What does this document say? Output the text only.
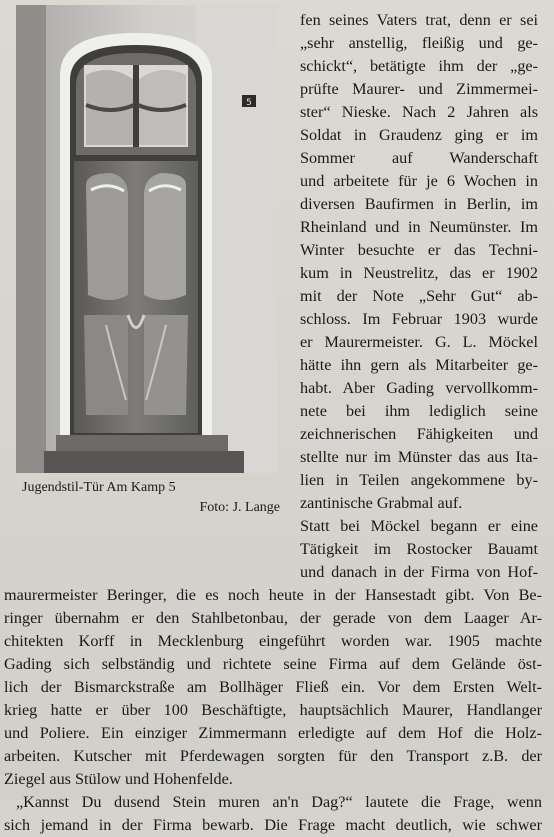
5
Jugendstil-Tür Am Kamp 5
Foto: J. Lange
fen seines Vaters trat, denn er sei
„sehr anstellig, fleißig und ge-
schickt“, betätigte ihm der „ge-
prüfte Maurer- und Zimmermei-
ster“ Nieske. Nach 2 Jahren als
Soldat in Graudenz ging er im
Sommer auf Wanderschaft
und arbeitete für je 6 Wochen in
diversen Baufirmen in Berlin, im
Rheinland und in Neumünster. Im
Winter besuchte er das Techni-
kum in Neustrelitz, das er 1902
mit der Note „Sehr Gut“ ab-
schloss. Im Februar 1903 wurde
er Maurermeister. G. L. Möckel
hätte ihn gern als Mitarbeiter ge-
habt. Aber Gading vervollkomm-
nete bei ihm lediglich seine
zeichnerischen Fähigkeiten und
stellte nur im Münster das aus Ita-
lien in Teilen angekommene by-
zantinische Grabmal auf.
Statt bei Möckel begann er eine
Tätigkeit im Rostocker Bauamt
und danach in der Firma von Hof-
maurermeister Beringer, die es noch heute in der Hansestadt gibt. Von Be-
ringer übernahm er den Stahlbetonbau, der gerade von dem Laager Ar-
chitekten Korff in Mecklenburg eingeführt worden war. 1905 machte
Gading sich selbständig und richtete seine Firma auf dem Gelände öst-
lich der Bismarckstraße am Bollhäger Fließ ein. Vor dem Ersten Welt-
krieg hatte er über 100 Beschäftigte, hauptsächlich Maurer, Handlanger
und Poliere. Ein einziger Zimmermann erledigte auf dem Hof die Holz-
arbeiten. Kutscher mit Pferdewagen sorgten für den Transport z.B. der
Ziegel aus Stülow und Hohenfelde.
„Kannst Du dusend Stein muren an'n Dag?“ lautete die Frage, wenn
sich jemand in der Firma bewarb. Die Frage macht deutlich, wie schwer
